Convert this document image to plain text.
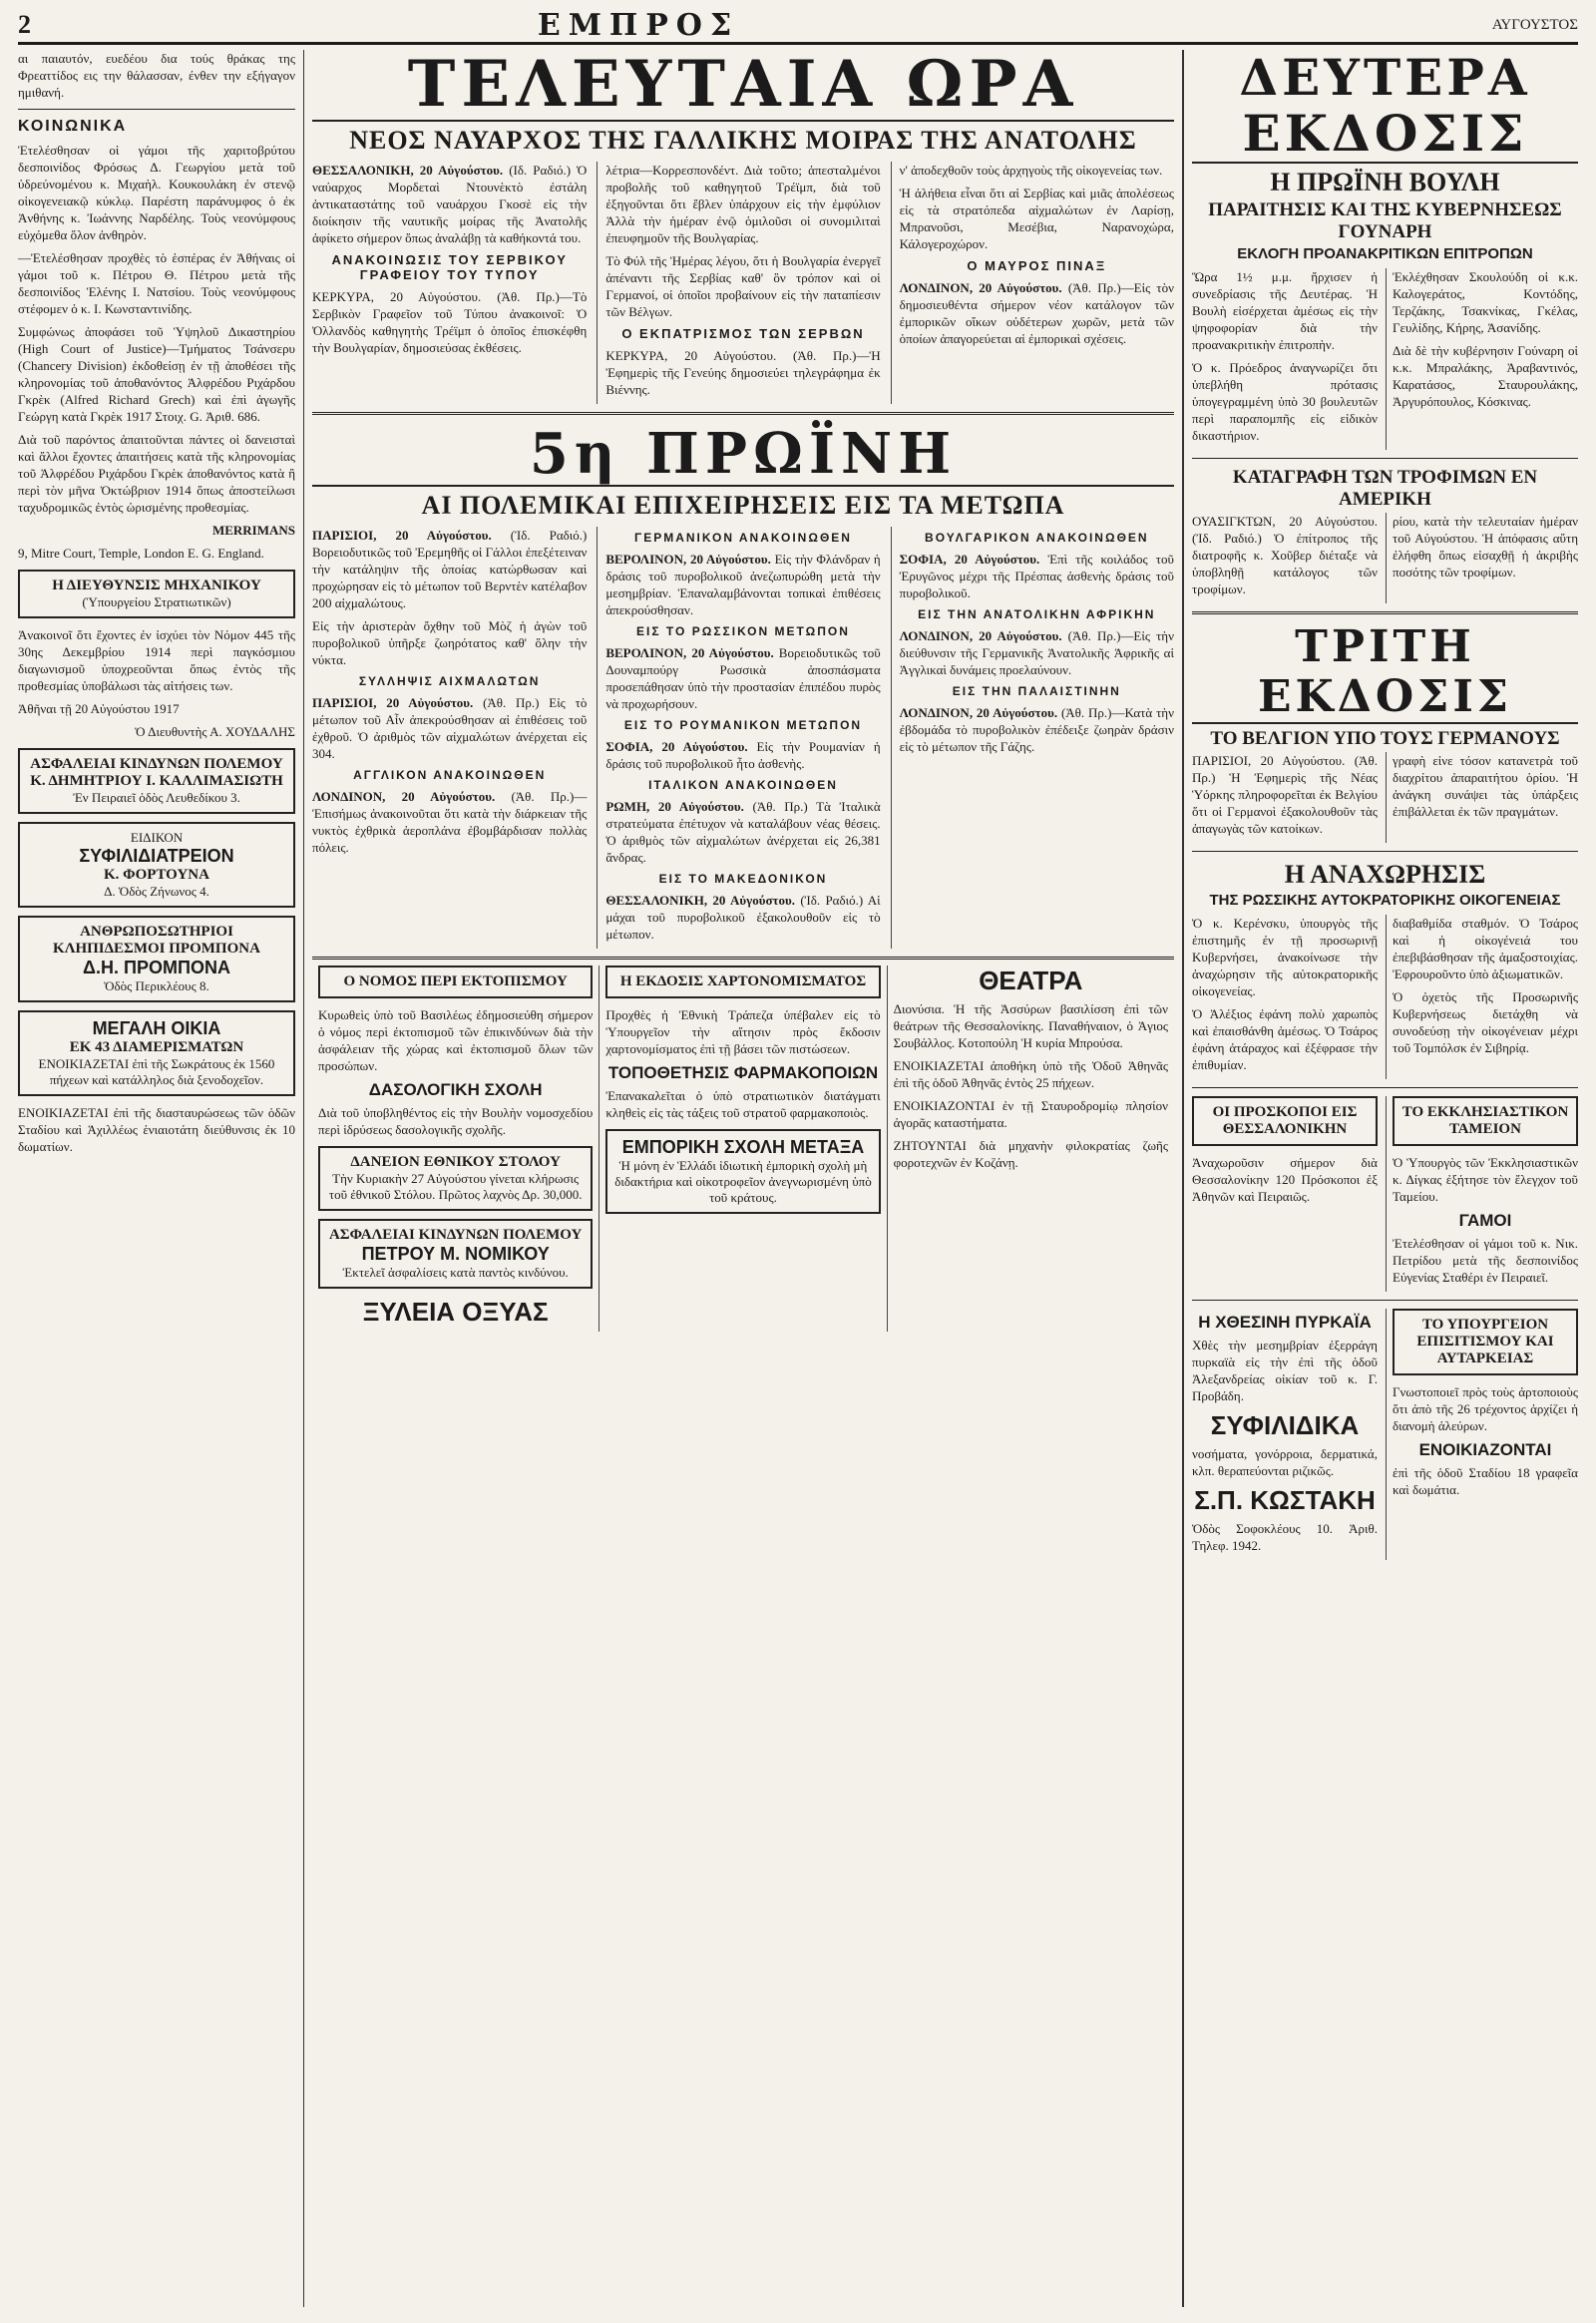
2	ΕΜΠΡΟΣ	ΑΥΓΟΥΣΤΟΣ

αι παιαυτόν, ευεδέου δια τούς θράκας της Φρεαττίδος εις την θάλασσαν, ένθεν την εξήγαγον ημιθανή.

ΚΟΙΝΩΝΙΚΑ

Ἐτελέσθησαν οἱ γάμοι τῆς χαριτοβρύτου δεσποινίδος Φρόσως Δ. Γεωργίου μετὰ τοῦ ὑδρεύνομένου κ. Μιχαὴλ. Κουκουλάκη ἐν στενῷ οἰκογενειακῷ κύκλῳ. Παρέστη παράνυμφος ὁ ἐκ Ἀνθήνης κ. Ἰωάννης Ναρδέλης. Τοὺς νεονύμφους εὐχόμεθα ὅλον ἀνθηρὸν.

—Ἐτελέσθησαν προχθὲς τὸ ἑσπέρας ἐν Ἀθήναις οἱ γάμοι τοῦ κ. Πέτρου Θ. Πέτρου μετὰ τῆς δεσποινίδος Ἑλένης Ι. Νατσίου. Τοὺς νεονύμφους στέφομεν ὁ κ. Ι. Κωνσταντινίδης.

Συμφώνως ἀποφάσει τοῦ Ὑψηλοῦ Δικαστηρίου (High Court of Justice)—Τμήματος Τσάνσερυ (Chancery Division) ἐκδοθείσῃ ἐν τῇ ἀποθέσει τῆς κληρονομίας τοῦ ἀποθανόντος Ἀλφρέδου Ριχάρδου Γκρὲκ (Alfred Richard Grech) καὶ ἐπὶ ἀγωγῆς Γεώργη κατὰ Γκρὲκ 1917 Στοιχ. G. Ἀριθ. 686.

Διὰ τοῦ παρόντος ἀπαιτοῦνται πάντες οἱ δανεισταὶ καὶ ἄλλοι ἔχοντες ἀπαιτήσεις κατὰ τῆς κληρονομίας τοῦ Ἀλφρέδου Ριχάρδου Γκρὲκ ἀποθανόντος κατὰ ἢ περὶ τὸν μῆνα Ὀκτώβριον 1914 ὅπως ἀποστείλωσι ταχυδρομικῶς ἐντὸς ὡρισμένης προθεσμίας.

MERRIMANS

9, Mitre Court, Temple, London E. G. England.

Η ΔΙΕΥΘΥΝΣΙΣ ΜΗΧΑΝΙΚΟΥ
(Ὑπουργείου Στρατιωτικῶν)

Ἀνακοινοῖ ὅτι ἔχοντες ἐν ἰσχύει τὸν Νόμον 445 τῆς 30ης Δεκεμβρίου 1914 περὶ παγκόσμιου διαγωνισμοῦ ὑποχρεοῦνται ὅπως ἐντὸς τῆς προθεσμίας ὑποβάλωσι τὰς αἰτήσεις των.

Ἀθῆναι τῇ 20 Αὐγούστου 1917

Ὁ Διευθυντὴς Α. ΧΟΥΔΑΛΗΣ

ΑΣΦΑΛΕΙΑΙ ΚΙΝΔΥΝΩΝ ΠΟΛΕΜΟΥ
Κ. ΔΗΜΗΤΡΙΟΥ Ι. ΚΑΛΛΙΜΑΣΙΩΤΗ
Ἐν Πειραιεῖ ὁδὸς Λευθεδίκου 3.
ΕΙΔΙΚΟΝ
ΣΥΦΙΛΙΔΙΑΤΡΕΙΟΝ
Κ. ΦΟΡΤΟΥΝΑ
Δ. Ὁδὸς Ζήνωνος 4.
ΑΝΘΡΩΠΟΣΩΤΗΡΙΟΙ ΚΛΗΠΙΔΕΣΜΟΙ ΠΡΟΜΠΟΝΑ
Δ.Η. ΠΡΟΜΠΟΝΑ
Ὁδὸς Περικλέους 8.
ΜΕΓΑΛΗ ΟΙΚΙΑ
ΕΚ 43 ΔΙΑΜΕΡΙΣΜΑΤΩΝ
ΕΝΟΙΚΙΑΖΕΤΑΙ ἐπὶ τῆς Σωκράτους ἐκ 1560 πήχεων καὶ κατάλληλος διὰ ξενοδοχεῖον.

ΕΝΟΙΚΙΑΖΕΤΑΙ ἐπὶ τῆς διασταυρώσεως τῶν ὁδῶν Σταδίου καὶ Ἀχιλλέως ἑνιαιοτάτη διεύθυνσις ἐκ 10 δωματίων.

ΤΕΛΕΥΤΑΙΑ ΩΡΑ
ΝΕΟΣ ΝΑΥΑΡΧΟΣ ΤΗΣ ΓΑΛΛΙΚΗΣ ΜΟΙΡΑΣ ΤΗΣ ΑΝΑΤΟΛΗΣ

ΘΕΣΣΑΛΟΝΙΚΗ, 20 Αὐγούστου. (Ιδ. Ραδιό.) Ὁ ναύαρχος Μορδεταὶ Ντουνὲκτὸ ἐστάλη ἀντικαταστάτης τοῦ ναυάρχου Γκοσὲ εἰς τὴν διοίκησιν τῆς ναυτικῆς μοίρας τῆς Ἀνατολῆς ἀφίκετο σήμερον ὅπως ἀναλάβῃ τὰ καθήκοντά του.

ΑΝΑΚΟΙΝΩΣΙΣ ΤΟΥ ΣΕΡΒΙΚΟΥ ΓΡΑΦΕΙΟΥ ΤΟΥ ΤΥΠΟΥ

ΚΕΡΚΥΡΑ, 20 Αὐγούστου. (Ἀθ. Πρ.)—Τὸ Σερβικὸν Γραφεῖον τοῦ Τύπου ἀνακοινοῖ: Ὁ Ὀλλανδὸς καθηγητὴς Τρέϊμπ ὁ ὁποῖος ἐπισκέφθη τὴν Βουλγαρίαν, δημοσιεύσας ἐκθέσεις.

λέτρια—Κορρεσπονδέντ. Διὰ τοῦτο; ἀπεσταλμένοι προβολῆς τοῦ καθηγητοῦ Τρέϊμπ, διὰ τοῦ ἐξηγοῦνται ὅτι ἔβλεν ὑπάρχουν εἰς τὴν ἐμφύλιον Ἀλλὰ τὴν ἡμέραν ἐνῷ ὁμιλοῦσι οἱ συνομιλιταὶ ἐπευφημοῦν τῆς Βουλγαρίας.

Τὸ Φύλ τῆς Ἡμέρας λέγου, ὅτι ἡ Βουλγαρία ἐνεργεῖ ἀπέναντι τῆς Σερβίας καθ' ὃν τρόπον καὶ οἱ Γερμανοί, οἱ ὁποῖοι προβαίνουν εἰς τὴν παταπίεσιν τῶν Βέλγων.

Ο ΕΚΠΑΤΡΙΣΜΟΣ ΤΩΝ ΣΕΡΒΩΝ

ΚΕΡΚΥΡΑ, 20 Αὐγούστου. (Ἀθ. Πρ.)—Ἡ Ἐφημερὶς τῆς Γενεύης δημοσιεύει τηλεγράφημα ἐκ Βιέννης.

ν' ἀποδεχθοῦν τοὺς ἀρχηγοὺς τῆς οἰκογενείας των.

Ἡ ἀλήθεια εἶναι ὅτι αἱ Σερβίας καὶ μιᾶς ἀπολέσεως εἰς τὰ στρατόπεδα αἰχμαλώτων ἐν Λαρίσῃ, Μπρανοῦσι, Μεσέβια, Ναρανοχώρα, Κάλογεροχώρον.

Ο ΜΑΥΡΟΣ ΠΙΝΑΞ

ΛΟΝΔΙΝΟΝ, 20 Αὐγούστου. (Ἀθ. Πρ.)—Εἰς τὸν δημοσιευθέντα σήμερον νέον κατάλογον τῶν ἐμπορικῶν οἴκων οὐδέτερων χωρῶν, μετὰ τῶν ὁποίων ἀπαγορεύεται αἱ ἐμπορικαὶ σχέσεις.

5η ΠΡΩΪΝΗ
ΑΙ ΠΟΛΕΜΙΚΑΙ ΕΠΙΧΕΙΡΗΣΕΙΣ ΕΙΣ ΤΑ ΜΕΤΩΠΑ

ΠΑΡΙΣΙΟΙ, 20 Αὐγούστου. (Ἰδ. Ραδιό.) Βορειοδυτικῶς τοῦ Ἐρεμηθῆς οἱ Γάλλοι ἐπεξέτειναν τὴν κατάληψιν τῆς ὁποίας κατώρθωσαν καὶ προχώρησαν εἰς τὸ μέτωπον τοῦ Βερντὲν κατέλαβον 200 αἰχμαλώτους.

Εἰς τὴν ἀριστερὰν ὄχθην τοῦ Μὸζ ἡ ἀγὼν τοῦ πυροβολικοῦ ὑπῆρξε ζωηρότατος καθ' ὅλην τὴν νύκτα.

ΣΥΛΛΗΨΙΣ ΑΙΧΜΑΛΩΤΩΝ

ΠΑΡΙΣΙΟΙ, 20 Αὐγούστου. (Ἀθ. Πρ.) Εἰς τὸ μέτωπον τοῦ Αἶν ἀπεκρούσθησαν αἱ ἐπιθέσεις τοῦ ἐχθροῦ. Ὁ ἀριθμὸς τῶν αἰχμαλώτων ἀνέρχεται εἰς 304.

ΑΓΓΛΙΚΟΝ ΑΝΑΚΟΙΝΩΘΕΝ

ΛΟΝΔΙΝΟΝ, 20 Αὐγούστου. (Ἀθ. Πρ.)—Ἐπισήμως ἀνακοινοῦται ὅτι κατὰ τὴν διάρκειαν τῆς νυκτὸς ἐχθρικὰ ἀεροπλάνα ἐβομβάρδισαν πολλὰς πόλεις.

ΓΕΡΜΑΝΙΚΟΝ ΑΝΑΚΟΙΝΩΘΕΝ

ΒΕΡΟΛΙΝΟΝ, 20 Αὐγούστου. Εἰς τὴν Φλάνδραν ἡ δράσις τοῦ πυροβολικοῦ ἀνεζωπυρώθη μετὰ τὴν μεσημβρίαν. Ἐπαναλαμβάνονται τοπικαὶ ἐπιθέσεις ἀπεκρούσθησαν.

ΕΙΣ ΤΟ ΡΩΣΣΙΚΟΝ ΜΕΤΩΠΟΝ

ΒΕΡΟΛΙΝΟΝ, 20 Αὐγούστου. Βορειοδυτικῶς τοῦ Δουναμπούργ Ρωσσικὰ ἀποσπάσματα προσεπάθησαν ὑπὸ τὴν προστασίαν ἐπιπέδου πυρὸς νὰ προχωρήσουν.

ΕΙΣ ΤΟ ΡΟΥΜΑΝΙΚΟΝ ΜΕΤΩΠΟΝ

ΣΟΦΙΑ, 20 Αὐγούστου. Εἰς τὴν Ρουμανίαν ἡ δράσις τοῦ πυροβολικοῦ ἦτο ἀσθενὴς.

ΙΤΑΛΙΚΟΝ ΑΝΑΚΟΙΝΩΘΕΝ

ΡΩΜΗ, 20 Αὐγούστου. (Ἀθ. Πρ.) Τὰ Ἰταλικὰ στρατεύματα ἐπέτυχον νὰ καταλάβουν νέας θέσεις. Ὁ ἀριθμὸς τῶν αἰχμαλώτων ἀνέρχεται εἰς 26,381 ἄνδρας.

ΕΙΣ ΤΟ ΜΑΚΕΔΟΝΙΚΟΝ

ΘΕΣΣΑΛΟΝΙΚΗ, 20 Αὐγούστου. (Ἰδ. Ραδιό.) Αἱ μάχαι τοῦ πυροβολικοῦ ἐξακολουθοῦν εἰς τὸ μέτωπον.

ΒΟΥΛΓΑΡΙΚΟΝ ΑΝΑΚΟΙΝΩΘΕΝ

ΣΟΦΙΑ, 20 Αὐγούστου. Ἐπὶ τῆς κοιλάδος τοῦ Ἐρυγῶνος μέχρι τῆς Πρέσπας ἀσθενὴς δράσις τοῦ πυροβολικοῦ.

ΕΙΣ ΤΗΝ ΑΝΑΤΟΛΙΚΗΝ ΑΦΡΙΚΗΝ

ΛΟΝΔΙΝΟΝ, 20 Αὐγούστου. (Ἀθ. Πρ.)—Εἰς τὴν διεύθυνσιν τῆς Γερμανικῆς Ἀνατολικῆς Ἀφρικῆς αἱ Ἀγγλικαὶ δυνάμεις προελαύνουν.

ΕΙΣ ΤΗΝ ΠΑΛΑΙΣΤΙΝΗΝ

ΛΟΝΔΙΝΟΝ, 20 Αὐγούστου. (Ἀθ. Πρ.)—Κατὰ τὴν ἐβδομάδα τὸ πυροβολικὸν ἐπέδειξε ζωηρὰν δράσιν εἰς τὸ μέτωπον τῆς Γάζης.

Ο ΝΟΜΟΣ ΠΕΡΙ ΕΚΤΟΠΙΣΜΟΥ

Κυρωθεὶς ὑπὸ τοῦ Βασιλέως ἐδημοσιεύθη σήμερον ὁ νόμος περὶ ἐκτοπισμοῦ τῶν ἐπικινδύνων διὰ τὴν ἀσφάλειαν τῆς χώρας καὶ ἐκτοπισμοῦ ὅλων τῶν προσώπων.

ΔΑΣΟΛΟΓΙΚΗ ΣΧΟΛΗ

Διὰ τοῦ ὑποβληθέντος εἰς τὴν Βουλὴν νομοσχεδίου περὶ ἱδρύσεως δασολογικῆς σχολῆς.

ΔΑΝΕΙΟΝ ΕΘΝΙΚΟΥ ΣΤΟΛΟΥ
Τὴν Κυριακὴν 27 Αὐγούστου γίνεται κλήρωσις τοῦ ἐθνικοῦ Στόλου. Πρῶτος λαχνὸς Δρ. 30,000.
ΑΣΦΑΛΕΙΑΙ ΚΙΝΔΥΝΩΝ ΠΟΛΕΜΟΥ
ΠΕΤΡΟΥ Μ. ΝΟΜΙΚΟΥ
Ἐκτελεῖ ἀσφαλίσεις κατὰ παντὸς κινδύνου.
ΞΥΛΕΙΑ ΟΞΥΑΣ
Η ΕΚΔΟΣΙΣ ΧΑΡΤΟΝΟΜΙΣΜΑΤΟΣ

Προχθὲς ἡ Ἐθνικὴ Τράπεζα ὑπέβαλεν εἰς τὸ Ὑπουργεῖον τὴν αἴτησιν πρὸς ἔκδοσιν χαρτονομίσματος ἐπὶ τῇ βάσει τῶν πιστώσεων.

ΤΟΠΟΘΕΤΗΣΙΣ ΦΑΡΜΑΚΟΠΟΙΩΝ

Ἐπανακαλεῖται ὁ ὑπὸ στρατιωτικὸν διατάγματι κληθεὶς εἰς τὰς τάξεις τοῦ στρατοῦ φαρμακοποιὸς.

ΕΜΠΟΡΙΚΗ ΣΧΟΛΗ ΜΕΤΑΞΑ
Ἡ μόνη ἐν Ἑλλάδι ἰδιωτικὴ ἐμπορικὴ σχολὴ μὴ διδακτήρια καὶ οἰκοτροφεῖον ἀνεγνωρισμένη ὑπὸ τοῦ κράτους.
ΘΕΑΤΡΑ

Διονύσια. Ἡ τῆς Ἀσσύρων βασιλίσση ἐπὶ τῶν θεάτρων τῆς Θεσσαλονίκης. Παναθήναιον, ὁ Ἀγιος Σουβάλλος. Κοτοπούλη Ἡ κυρία Μπρούσα.

ΕΝΟΙΚΙΑΖΕΤΑΙ ἀποθήκη ὑπὸ τῆς Ὁδοῦ Ἀθηνᾶς ἐπὶ τῆς ὁδοῦ Ἀθηνᾶς ἐντὸς 25 πήχεων.

ΕΝΟΙΚΙΑΖΟΝΤΑΙ ἐν τῇ Σταυροδρομίῳ πλησίον ἀγορᾶς καταστήματα.

ΖΗΤΟΥΝΤΑΙ διὰ μηχανὴν φιλοκρατίας ζωῆς φοροτεχνῶν ἐν Κοζάνῃ.

ΔΕΥΤΕΡΑ ΕΚΔΟΣΙΣ
Η ΠΡΩΪΝΗ ΒΟΥΛΗ
ΠΑΡΑΙΤΗΣΙΣ ΚΑΙ ΤΗΣ ΚΥΒΕΡΝΗΣΕΩΣ ΓΟΥΝΑΡΗ
ΕΚΛΟΓΗ ΠΡΟΑΝΑΚΡΙΤΙΚΩΝ ΕΠΙΤΡΟΠΩΝ

Ὥρα 1½ μ.μ. ἤρχισεν ἡ συνεδρίασις τῆς Δευτέρας. Ἡ Βουλὴ εἰσέρχεται ἀμέσως εἰς τὴν ψηφοφορίαν διὰ τὴν προανακριτικὴν ἐπιτροπὴν.

Ὁ κ. Πρόεδρος ἀναγνωρίζει ὅτι ὑπεβλήθη πρότασις ὑπογεγραμμένη ὑπὸ 30 βουλευτῶν περὶ παραπομπῆς εἰς εἰδικὸν δικαστήριον.

Ἐκλέχθησαν Σκουλούδη οἱ κ.κ. Καλογεράτος, Κοντόδης, Τερζάκης, Τσακνίκας, Γκέλας, Γευλίδης, Κήρης, Ἀσανίδης.

Διὰ δὲ τὴν κυβέρνησιν Γούναρη οἱ κ.κ. Μπραλάκης, Ἀραβαντινός, Καρατάσος, Σταυρουλάκης, Ἀργυρόπουλος, Κόσκινας.

ΚΑΤΑΓΡΑΦΗ ΤΩΝ ΤΡΟΦΙΜΩΝ ΕΝ ΑΜΕΡΙΚΗ

ΟΥΑΣΙΓΚΤΩΝ, 20 Αὐγούστου. (Ἰδ. Ραδιό.) Ὁ ἐπίτροπος τῆς διατροφῆς κ. Χοῦβερ διέταξε νὰ ὑποβληθῇ κατάλογος τῶν τροφίμων.

ρίου, κατὰ τὴν τελευταίαν ἡμέραν τοῦ Αὐγούστου. Ἡ ἀπόφασις αὕτη ἐλήφθη ὅπως εἰσαχθῇ ἡ ἀκριβὴς ποσότης τῶν τροφίμων.

ΤΡΙΤΗ ΕΚΔΟΣΙΣ
ΤΟ ΒΕΛΓΙΟΝ ΥΠΟ ΤΟΥΣ ΓΕΡΜΑΝΟΥΣ

ΠΑΡΙΣΙΟΙ, 20 Αὐγούστου. (Ἀθ. Πρ.) Ἡ Ἐφημερὶς τῆς Νέας Ὑόρκης πληροφορεῖται ἐκ Βελγίου ὅτι οἱ Γερμανοὶ ἐξακολουθοῦν τὰς ἀπαγωγὰς τῶν κατοίκων.

γραφὴ εἰνε τόσον κατανετρὰ τοῦ διαχρίτου ἀπαραιτήτου ὁρίου. Ἡ ἀνάγκη συνάψει τὰς ὑπάρξεις ἐπιβάλλεται ἐκ τῶν πραγμάτων.

Η ΑΝΑΧΩΡΗΣΙΣ
ΤΗΣ ΡΩΣΣΙΚΗΣ ΑΥΤΟΚΡΑΤΟΡΙΚΗΣ ΟΙΚΟΓΕΝΕΙΑΣ

Ὁ κ. Κερένσκυ, ὑπουργὸς τῆς ἐπιστημῆς ἐν τῇ προσωρινῇ Κυβερνήσει, ἀνακοίνωσε τὴν ἀναχώρησιν τῆς αὐτοκρατορικῆς οἰκογενείας.

Ὁ Ἀλέξιος ἐφάνη πολὺ χαρωπὸς καὶ ἐπαισθάνθη ἀμέσως. Ὁ Τσάρος ἐφάνη ἀτάραχος καὶ ἐξέφρασε τὴν ἐπιθυμίαν.

διαβαθμίδα σταθμόν. Ὁ Τσάρος καὶ ἡ οἰκογένειά του ἐπεβιβάσθησαν τῆς ἀμαξοστοιχίας. Ἐφρουροῦντο ὑπὸ ἀξιωματικῶν.

Ὁ ὀχετὸς τῆς Προσωρινῆς Κυβερνήσεως διετάχθη νὰ συνοδεύσῃ τὴν οἰκογένειαν μέχρι τοῦ Τομπόλσκ ἐν Σιβηρίᾳ.

ΟΙ ΠΡΟΣΚΟΠΟΙ ΕΙΣ ΘΕΣΣΑΛΟΝΙΚΗΝ

Ἀναχωροῦσιν σήμερον διὰ Θεσσαλονίκην 120 Πρόσκοποι ἐξ Ἀθηνῶν καὶ Πειραιῶς.

ΤΟ ΕΚΚΛΗΣΙΑΣΤΙΚΟΝ ΤΑΜΕΙΟΝ

Ὁ Ὑπουργὸς τῶν Ἐκκλησιαστικῶν κ. Δίγκας ἐξήτησε τὸν ἔλεγχον τοῦ Ταμείου.

ΓΑΜΟΙ

Ἐτελέσθησαν οἱ γάμοι τοῦ κ. Νικ. Πετρίδου μετὰ τῆς δεσποινίδος Εὐγενίας Σταθέρι ἐν Πειραιεῖ.

Η ΧΘΕΣΙΝΗ ΠΥΡΚΑΪΑ

Χθὲς τὴν μεσημβρίαν ἐξερράγη πυρκαϊὰ εἰς τὴν ἐπὶ τῆς ὁδοῦ Ἀλεξανδρείας οἰκίαν τοῦ κ. Γ. Προβάδη.

ΣΥΦΙΛΙΔΙΚΑ

νοσήματα, γονόρροια, δερματικά, κλπ. θεραπεύονται ριζικῶς.

Σ.Π. ΚΩΣΤΑΚΗ

Ὁδὸς Σοφοκλέους 10. Ἀριθ. Τηλεφ. 1942.

ΤΟ ΥΠΟΥΡΓΕΙΟΝ ΕΠΙΣΙΤΙΣΜΟΥ ΚΑΙ ΑΥΤΑΡΚΕΙΑΣ

Γνωστοποιεῖ πρὸς τοὺς ἀρτοποιοὺς ὅτι ἀπὸ τῆς 26 τρέχοντος ἀρχίζει ἡ διανομὴ ἀλεύρων.

ΕΝΟΙΚΙΑΖΟΝΤΑΙ

ἐπὶ τῆς ὁδοῦ Σταδίου 18 γραφεῖα καὶ δωμάτια.
